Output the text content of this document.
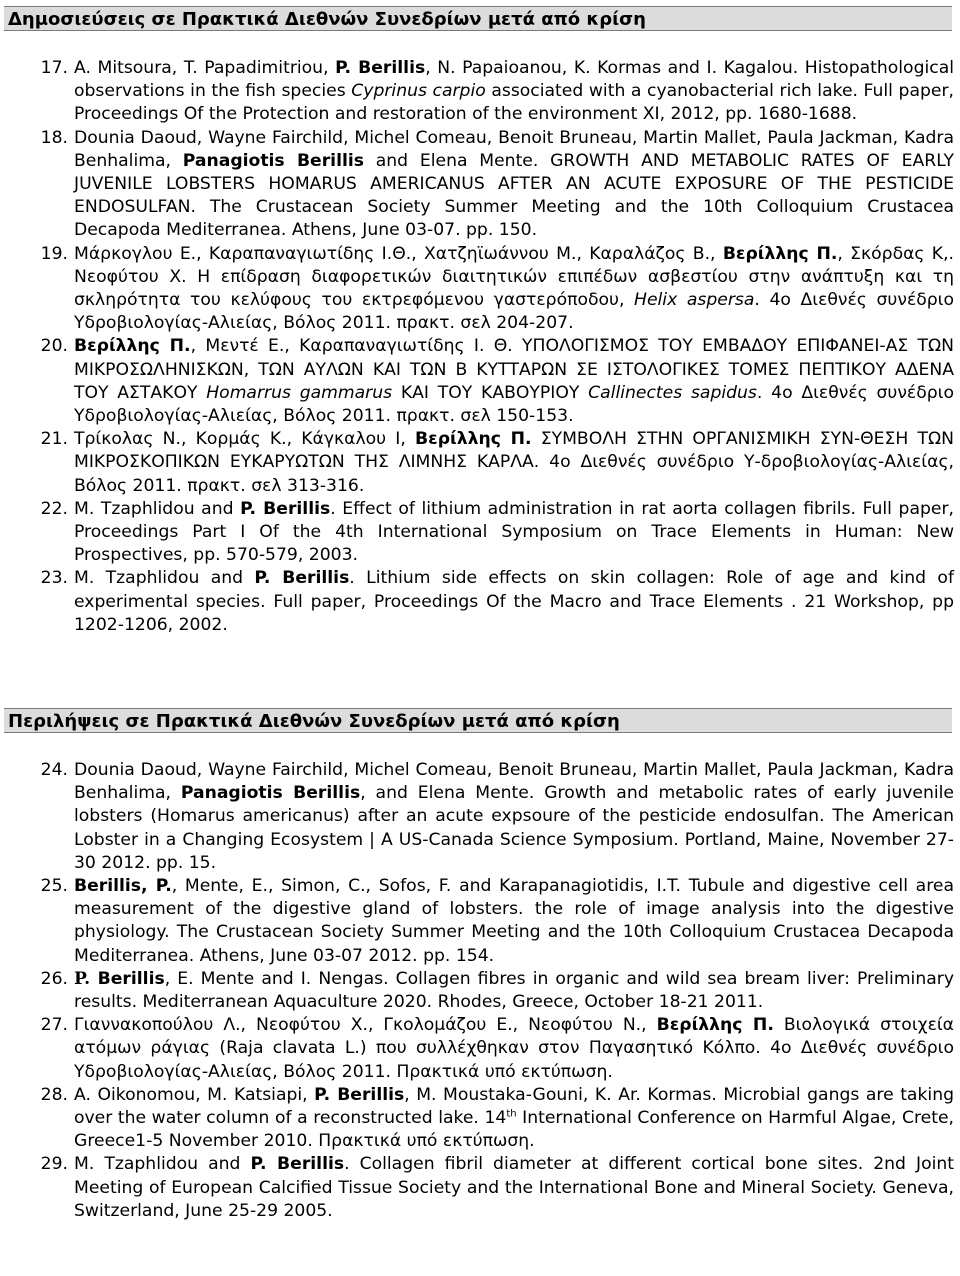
Δημοσιεύσεις σε Πρακτικά Διεθνών Συνεδρίων μετά από κρίση
17. A. Mitsoura, T. Papadimitriou, P. Berillis, N. Papaioanou, K. Kormas and I. Kagalou. Histopathological observations in the fish species Cyprinus carpio associated with a cyanobacterial rich lake. Full paper, Proceedings Of the Protection and restoration of the environment XI, 2012, pp. 1680-1688.
18. Dounia Daoud, Wayne Fairchild, Michel Comeau, Benoit Bruneau, Martin Mallet, Paula Jackman, Kadra Benhalima, Panagiotis Berillis and Elena Mente. GROWTH AND METABOLIC RATES OF EARLY JUVENILE LOBSTERS HOMARUS AMERICANUS AFTER AN ACUTE EXPOSURE OF THE PESTICIDE ENDOSULFAN. The Crustacean Society Summer Meeting and the 10th Colloquium Crustacea Decapoda Mediterranea. Athens, June 03-07. pp. 150.
19. Μάρκογλου Ε., Καραπαναγιωτίδης Ι.Θ., Χατζηϊωάννου Μ., Καραλάζος Β., Βερίλλης Π., Σκόρδας Κ,. Νεοφύτου Χ. Η επίδραση διαφορετικών διαιτητικών επιπέδων ασβεστίου στην ανάπτυξη και τη σκληρότητα του κελύφους του εκτρεφόμενου γαστερόποδου, Helix aspersa. 4ο Διεθνές συνέδριο Υδροβιολογίας-Αλιείας, Βόλος 2011. πρακτ. σελ 204-207.
20. Βερίλλης Π., Μεντέ Ε., Καραπαναγιωτίδης Ι. Θ. ΥΠΟΛΟΓΙΣΜΟΣ ΤΟΥ ΕΜΒΑΔΟΥ ΕΠΙΦΑΝΕΙ-ΑΣ ΤΩΝ ΜΙΚΡΟΣΩΛΗΝΙΣΚΩΝ, ΤΩΝ ΑΥΛΩΝ ΚΑΙ ΤΩΝ Β ΚΥΤΤΑΡΩΝ ΣΕ ΙΣΤΟΛΟΓΙΚΕΣ ΤΟΜΕΣ ΠΕΠΤΙΚΟΥ ΑΔΕΝΑ ΤΟΥ ΑΣΤΑΚΟΥ Homarrus gammarus ΚΑΙ ΤΟΥ ΚΑΒΟΥΡΙΟΥ Callinectes sapidus. 4ο Διεθνές συνέδριο Υδροβιολογίας-Αλιείας, Βόλος 2011. πρακτ. σελ 150-153.
21. Τρίκολας Ν., Κορμάς Κ., Κάγκαλου Ι, Βερίλλης Π. ΣΥΜΒΟΛΗ ΣΤΗΝ ΟΡΓΑΝΙΣΜΙΚΗ ΣΥΝ-ΘΕΣΗ ΤΩΝ ΜΙΚΡΟΣΚΟΠΙΚΩΝ ΕΥΚΑΡΥΩΤΩΝ ΤΗΣ ΛΙΜΝΗΣ ΚΑΡΛΑ. 4ο Διεθνές συνέδριο Υ-δροβιολογίας-Αλιείας, Βόλος 2011. πρακτ. σελ 313-316.
22. M. Tzaphlidou and P. Berillis. Effect of lithium administration in rat aorta collagen fibrils. Full paper, Proceedings Part I Of the 4th International Symposium on Trace Elements in Human: New Prospectives, pp. 570-579, 2003.
23. M. Tzaphlidou and P. Berillis. Lithium side effects on skin collagen: Role of age and kind of experimental species. Full paper, Proceedings Of the Macro and Trace Elements . 21 Workshop, pp 1202-1206, 2002.
Περιλήψεις σε Πρακτικά Διεθνών Συνεδρίων μετά από κρίση
24. Dounia Daoud, Wayne Fairchild, Michel Comeau, Benoit Bruneau, Martin Mallet, Paula Jackman, Kadra Benhalima, Panagiotis Berillis, and Elena Mente. Growth and metabolic rates of early juvenile lobsters (Homarus americanus) after an acute expsoure of the pesticide endosulfan. The American Lobster in a Changing Ecosystem | A US-Canada Science Symposium. Portland, Maine, November 27-30 2012. pp. 15.
25. Berillis, P., Mente, E., Simon, C., Sofos, F. and Karapanagiotidis, I.T. Tubule and digestive cell area measurement of the digestive gland of lobsters. the role of image analysis into the digestive physiology. The Crustacean Society Summer Meeting and the 10th Colloquium Crustacea Decapoda Mediterranea. Athens, June 03-07 2012. pp. 154.
26. P. Berillis, E. Mente and I. Nengas. Collagen fibres in organic and wild sea bream liver: Preliminary results. Mediterranean Aquaculture 2020. Rhodes, Greece, October 18-21 2011.
27. Γιαννακοπούλου Λ., Νεοφύτου Χ., Γκολομάζου Ε., Νεοφύτου Ν., Βερίλλης Π. Βιολογικά στοιχεία ατόμων ράγιας (Raja clavata L.) που συλλέχθηκαν στον Παγασητικό Κόλπο. 4ο Διεθνές συνέδριο Υδροβιολογίας-Αλιείας, Βόλος 2011. Πρακτικά υπό εκτύπωση.
28. A. Oikonomou, M. Katsiapi, P. Berillis, M. Moustaka-Gouni, K. Ar. Kormas. Microbial gangs are taking over the water column of a reconstructed lake. 14th International Conference on Harmful Algae, Crete, Greece1-5 November 2010. Πρακτικά υπό εκτύπωση.
29. M. Tzaphlidou and P. Berillis. Collagen fibril diameter at different cortical bone sites. 2nd Joint Meeting of European Calcified Tissue Society and the International Bone and Mineral Society. Geneva, Switzerland, June 25-29 2005.
